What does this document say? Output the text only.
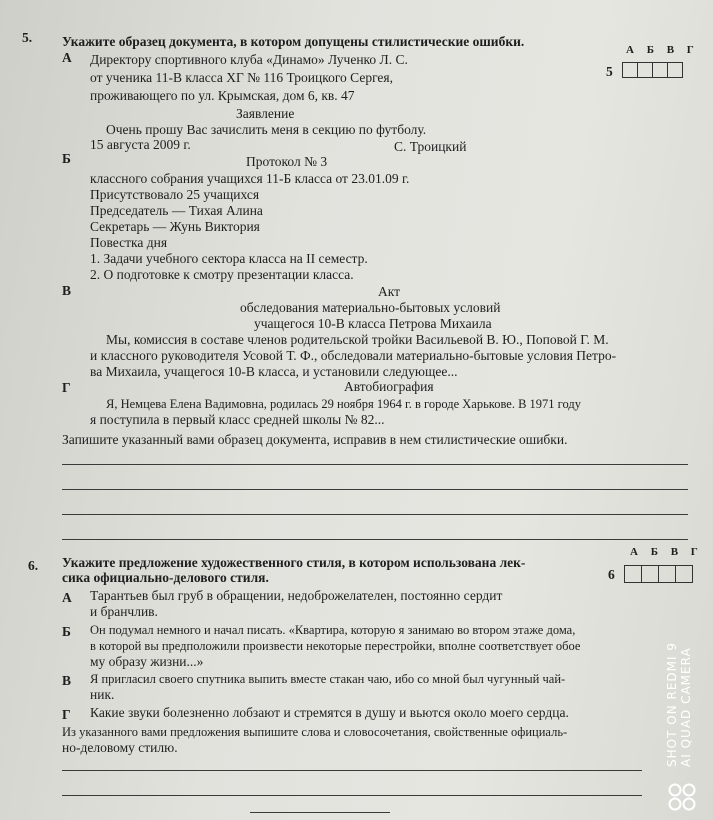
5. Укажите образец документа, в котором допущены стилистические ошибки.
А Б В Г
5
А Директору спортивного клуба «Динамо» Лученко Л. С.
от ученика 11-В класса ХГ № 116 Троицкого Сергея,
проживающего по ул. Крымская, дом 6, кв. 47
Заявление
Очень прошу Вас зачислить меня в секцию по футболу.
15 августа 2009 г.	С. Троицкий
Б	Протокол № 3
классного собрания учащихся 11-Б класса от 23.01.09 г.
Присутствовало 25 учащихся
Председатель — Тихая Алина
Секретарь — Жунь Виктория
Повестка дня
1. Задачи учебного сектора класса на II семестр.
2. О подготовке к смотру презентации класса.
В	Акт
обследования материально-бытовых условий
учащегося 10-В класса Петрова Михаила
Мы, комиссия в составе членов родительской тройки Васильевой В. Ю., Поповой Г. М.
и классного руководителя Усовой Т. Ф., обследовали материально-бытовые условия Петро-
ва Михаила, учащегося 10-В класса, и установили следующее...
Г	Автобиография
Я, Немцева Елена Вадимовна, родилась 29 ноября 1964 г. в городе Харькове. В 1971 году
я поступила в первый класс средней школы № 82...
Запишите указанный вами образец документа, исправив в нем стилистические ошибки.
6. Укажите предложение художественного стиля, в котором использована лек-
сика официально-делового стиля.
А Б В Г
6
А Тарантьев был груб в обращении, недоброжелателен, постоянно сердит
и бранчлив.
Б Он подумал немного и начал писать. «Квартира, которую я занимаю во втором этаже дома,
в которой вы предположили произвести некоторые перестройки, вполне соответствует обое
му образу жизни...»
В Я пригласил своего спутника выпить вместе стакан чаю, ибо со мной был чугунный чай-
ник.
Г Какие звуки болезненно лобзают и стремятся в душу и вьются около моего сердца.
Из указанного вами предложения выпишите слова и словосочетания, свойственные официаль-
но-деловому стилю.	SHOT ON REDMI 9 AI QUAD CAMERA
